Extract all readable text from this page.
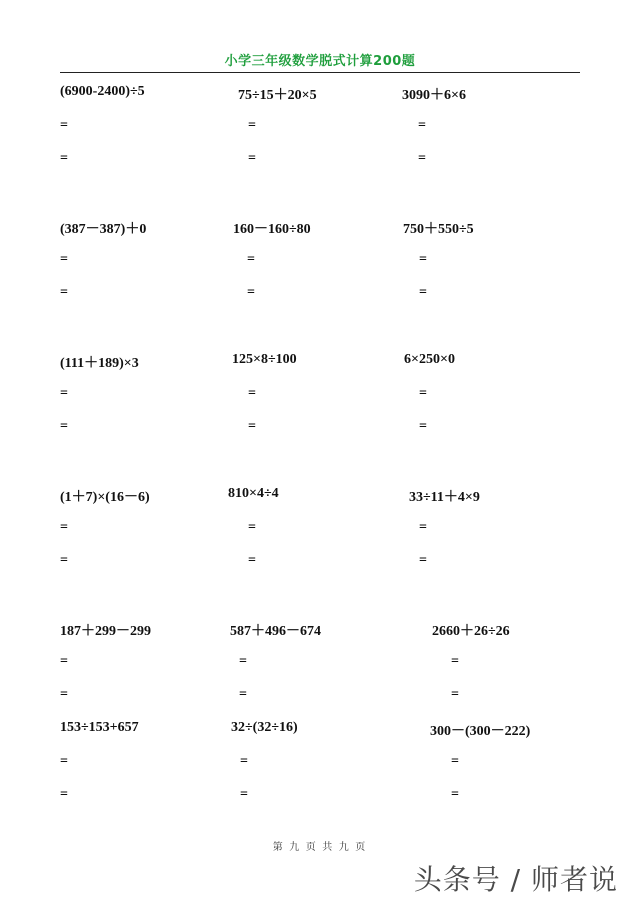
小学三年级数学脱式计算200题
(6900-2400)÷5
=
=
75÷15＋20×5
=
=
3090＋6×6
=
=
(387－387)＋0
=
=
160－160÷80
=
=
750＋550÷5
=
=
(111＋189)×3
=
=
125×8÷100
=
=
6×250×0
=
=
(1＋7)×(16－6)
=
=
810×4÷4
=
=
33÷11＋4×9
=
=
187＋299－299
=
=
587＋496－674
=
=
2660＋26÷26
=
=
153÷153+657
=
=
32÷(32÷16)
=
=
300－(300－222)
=
=
第 九 页 共 九 页
头条号 / 师者说
